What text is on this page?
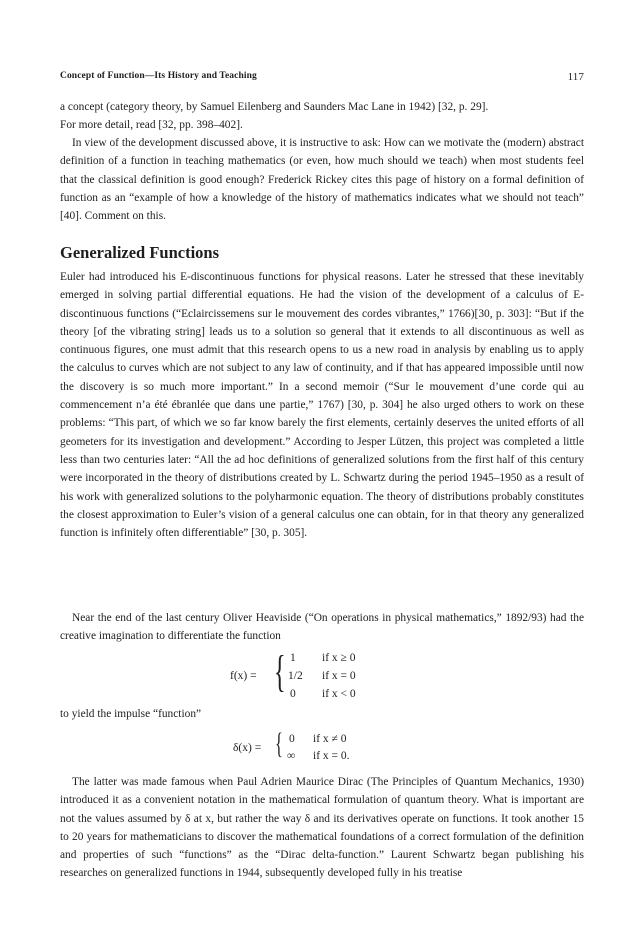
Concept of Function—Its History and Teaching	117

a concept (category theory, by Samuel Eilenberg and Saunders Mac Lane in 1942) [32, p. 29].

For more detail, read [32, pp. 398–402].

In view of the development discussed above, it is instructive to ask: How can we motivate the (modern) abstract definition of a function in teaching mathematics (or even, how much should we teach) when most students feel that the classical definition is good enough? Frederick Rickey cites this page of history on a formal definition of function as an “example of how a knowledge of the history of mathematics indicates what we should not teach” [40]. Comment on this.

Generalized Functions

Euler had introduced his E-discontinuous functions for physical reasons. Later he stressed that these inevitably emerged in solving partial differential equations. He had the vision of the development of a calculus of E-discontinuous functions (“Eclaircissemens sur le mouvement des cordes vibrantes,” 1766)[30, p. 303]: “But if the theory [of the vibrating string] leads us to a solution so general that it extends to all discontinuous as well as continuous figures, one must admit that this research opens to us a new road in analysis by enabling us to apply the calculus to curves which are not subject to any law of continuity, and if that has appeared impossible until now the discovery is so much more important.” In a second memoir (“Sur le mouvement d’une corde qui au commencement n’a été ébranlée que dans une partie,” 1767) [30, p. 304] he also urged others to work on these problems: “This part, of which we so far know barely the first elements, certainly deserves the united efforts of all geometers for its investigation and development.” According to Jesper Lützen, this project was completed a little less than two centuries later: “All the ad hoc definitions of generalized solutions from the first half of this century were incorporated in the theory of distributions created by L. Schwartz during the period 1945–1950 as a result of his work with generalized solutions to the polyharmonic equation. The theory of distributions probably constitutes the closest approximation to Euler’s vision of a general calculus one can obtain, for in that theory any generalized function is infinitely often differentiable” [30, p. 305].

Near the end of the last century Oliver Heaviside (“On operations in physical mathematics,” 1892/93) had the creative imagination to differentiate the function

f(x) = { 1 if x ≥ 0
1/2 if x = 0
0 if x < 0

to yield the impulse “function”

δ(x) = { 0 if x ≠ 0
∞ if x = 0.

The latter was made famous when Paul Adrien Maurice Dirac (The Principles of Quantum Mechanics, 1930) introduced it as a convenient notation in the mathematical formulation of quantum theory. What is important are not the values assumed by δ at x, but rather the way δ and its derivatives operate on functions. It took another 15 to 20 years for mathematicians to discover the mathematical foundations of a correct formulation of the definition and properties of such “functions” as the “Dirac delta-function.” Laurent Schwartz began publishing his researches on generalized functions in 1944, subsequently developed fully in his treatise
